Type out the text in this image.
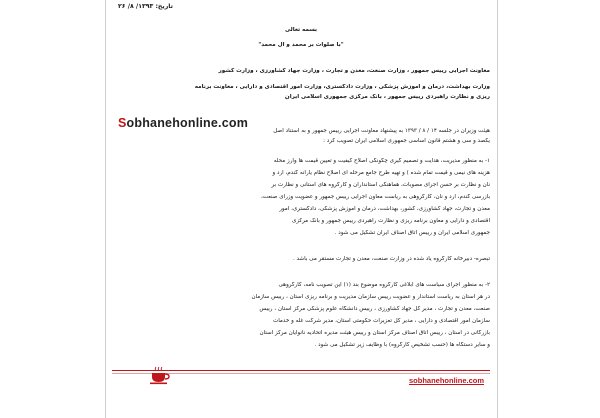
تاریخ: ۱۳۹۳/ ۸/ ۲۶
بسمه تعالی
"با صلوات بر محمد و آل محمد"
معاونت اجرایی رییس جمهور ، وزارت صنعت، معدن و تجارت ، وزارت جهاد کشاورزی ، وزارت کشور
وزارت بهداشت، درمان و آموزش پزشکی ، وزارت دادگستری، وزارت امور اقتصادی و دارایی ، معاونت برنامه
ریزی و نظارت راهبردی رییس جمهور ، بانک مرکزی جمهوری اسلامی ایران
Sobhanehonline.com
هیئت وزیران در جلسه ۱۴ / ۸ / ۱۳۹۳ به پیشنهاد معاونت اجرایی رییس جمهور و به استناد اصل
یکصد و سی و هشتم قانون اساسی جمهوری اسلامی ایران تصویب کرد :
۱- به منظور مدیریت، هدایت و تصمیم گیری چگونگی اصلاح کیفیت و تعیین قیمت ها وارز محله
هزینه های نیمی و قیمت تمام شده ) و تهیه طرح جامع مرحله ای اصلاح نظام یارانه گندم، آرد و
نان و نظارت بر حسن اجرای مصوبات، هماهنگی استانداران و کارگروه های استانی و نظارت بر
بازرسی گندم، آرد و نان، کارگروهی به ریاست معاون اجرایی رییس جمهور و عضویت وزرای صنعت،
معدن و تجارت، جهاد کشاورزی، کشور، بهداشت، درمان و آموزش پزشکی، دادگستری، امور
اقتصادی و دارایی و معاون برنامه ریزی و نظارت راهبردی رییس جمهور و بانک مرکزی
جمهوری اسلامی ایران و رییس اتاق اصناف ایران تشکیل می شود .
تبصره- دبیرخانه کارگروه یاد شده در وزارت صنعت، معدن و تجارت مستقر می باشد .
۲- به منظور اجرای سیاست های ابلاغی کارگروه موضوع بند (۱) این تصویب نامه، کارگروهی
در هر استان به ریاست استاندار و عضویت رییس سازمان مدیریت و برنامه ریزی استان ، رییس سازمان
صنعت، معدن و تجارت ، مدیر کل جهاد کشاورزی ، رییس دانشگاه علوم پزشکی مرکز استان ، رییس
سازمان امور اقتصادی و دارایی ، مدیر کل تعزیرات حکومتی استان، مدیر شرکت غله و خدمات
بازرگانی در استان ، رییس اتاق اصناف مرکز استان و رییس هیئت مدیره اتحادیه نانوایان مرکز استان
و سایر دستگاه ها (حسب تشخیص کارگروه) با وظایف زیر تشکیل می شود .
sobhanehonline.com
